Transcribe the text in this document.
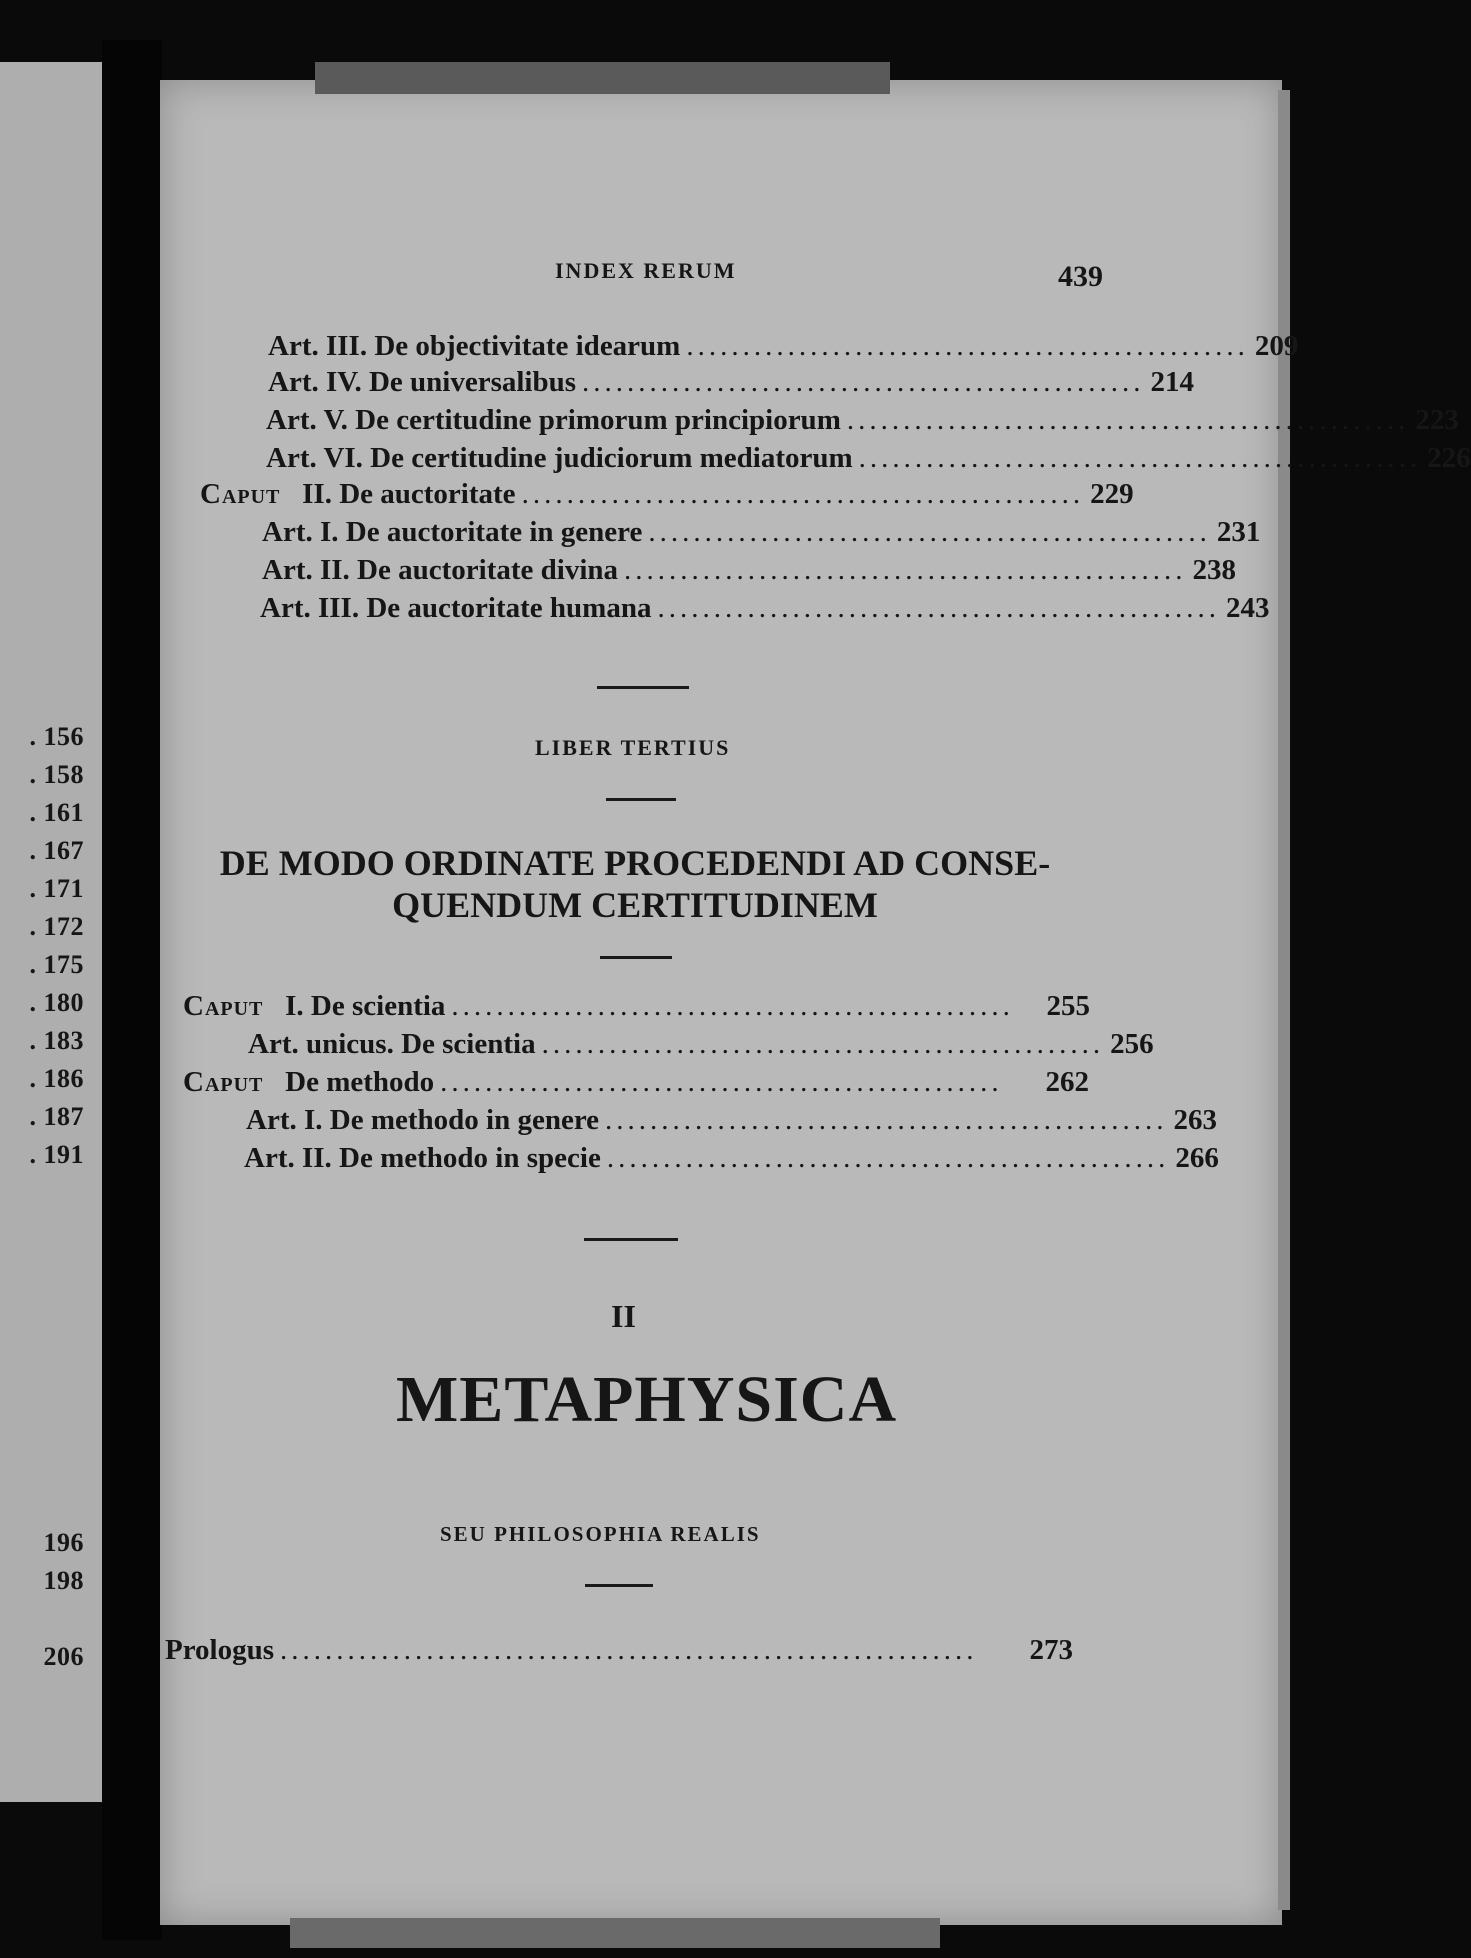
. 156
. 158
. 161
. 167
. 171
. 172
. 175
. 180
. 183
. 186
. 187
. 191
196
198
206
INDEX RERUM	439
Art. III. De objectivitate idearum .................................................. 209
Art. IV. De universalibus .................................................. 214
Art. V. De certitudine primorum principiorum .................................................. 223
Art. VI. De certitudine judiciorum mediatorum .................................................. 226
Caput II. De auctoritate .................................................. 229
Art. I. De auctoritate in genere .................................................. 231
Art. II. De auctoritate divina .................................................. 238
Art. III. De auctoritate humana .................................................. 243
LIBER TERTIUS
DE MODO ORDINATE PROCEDENDI AD CONSE-
QUENDUM CERTITUDINEM
Caput I. De scientia ..................................................	255
Art. unicus. De scientia .................................................. 256
Caput De methodo ..................................................	262
Art. I. De methodo in genere .................................................. 263
Art. II. De methodo in specie .................................................. 266
II
METAPHYSICA
SEU PHILOSOPHIA REALIS
Prologus ..............................................................	273
